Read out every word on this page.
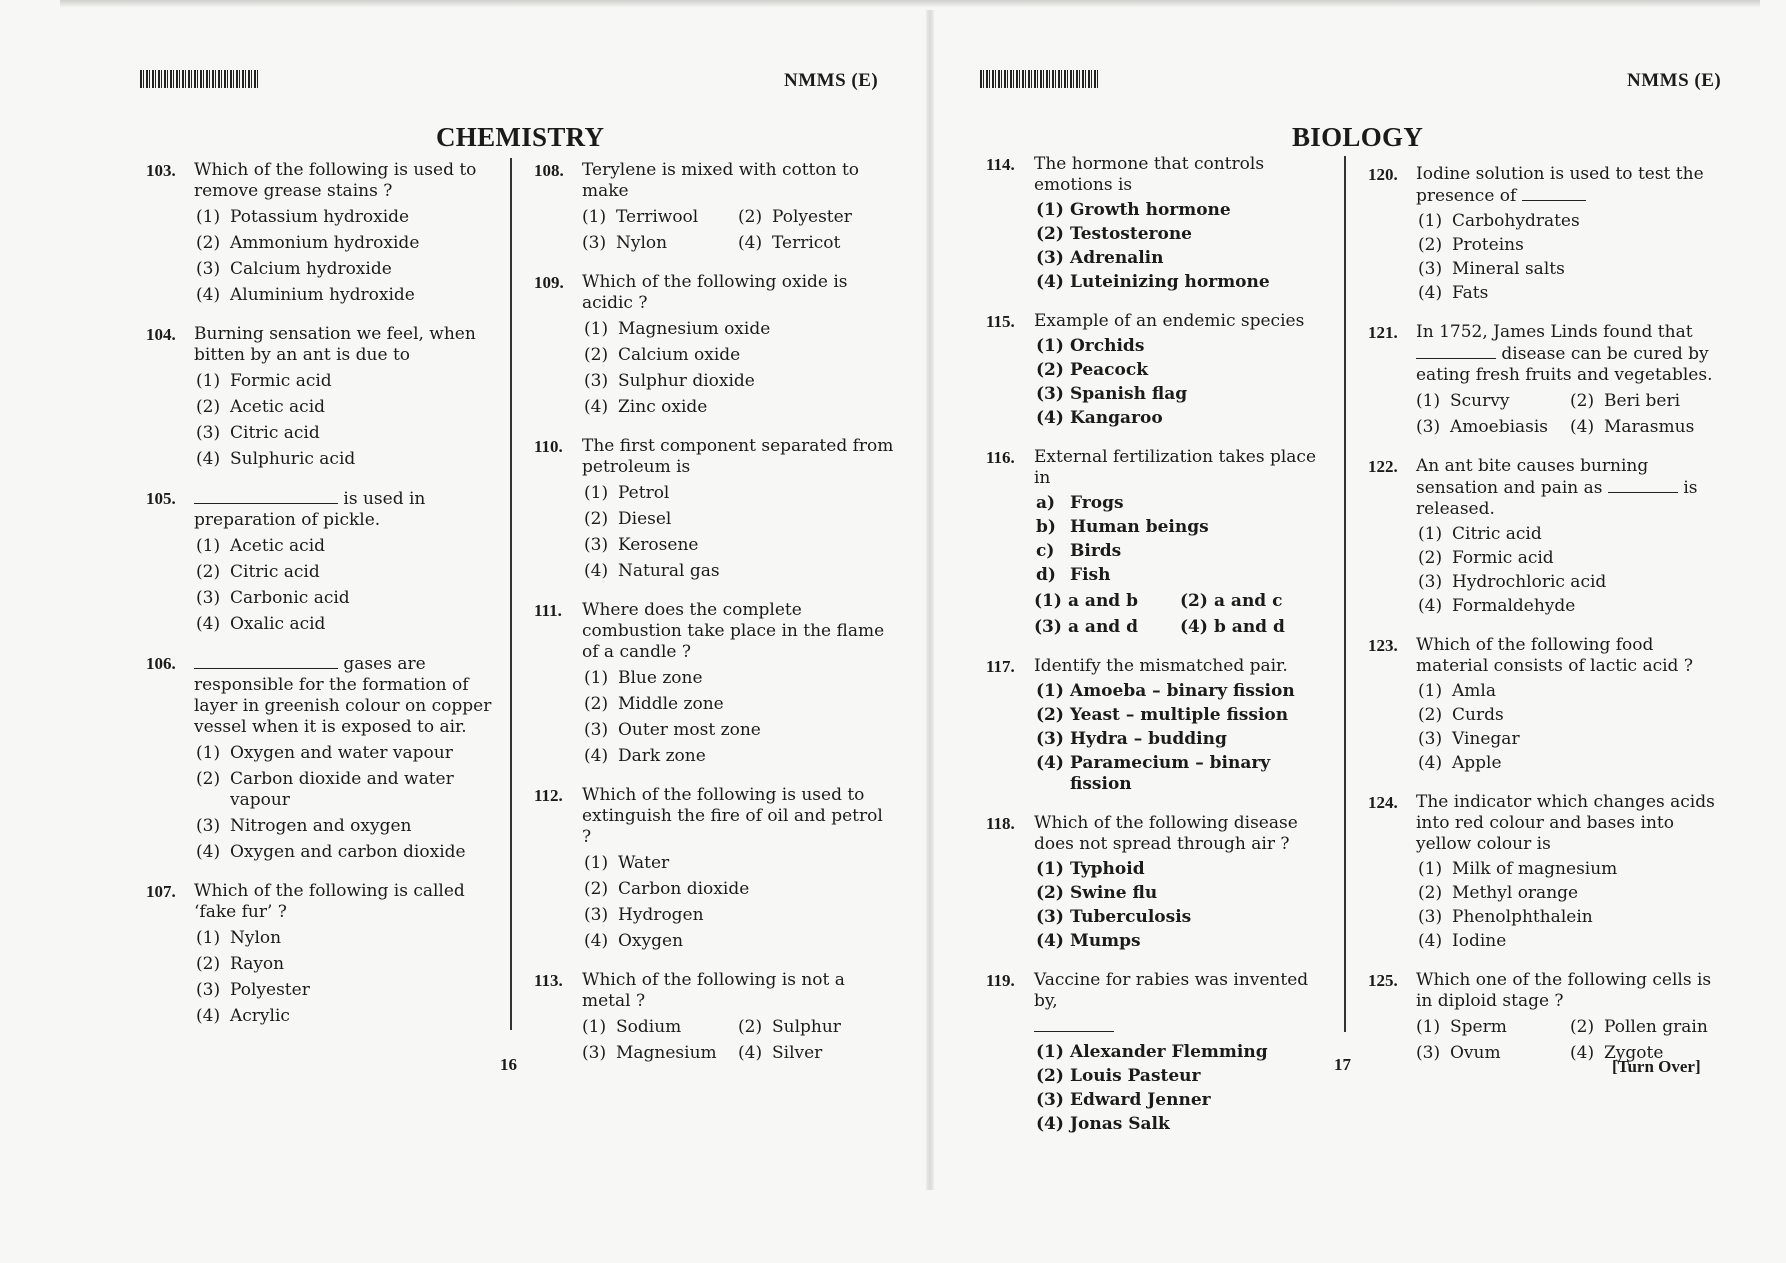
NMMS (E)
CHEMISTRY
103. Which of the following is used to remove grease stains ?
(1) Potassium hydroxide
(2) Ammonium hydroxide
(3) Calcium hydroxide
(4) Aluminium hydroxide
104. Burning sensation we feel, when bitten by an ant is due to
(1) Formic acid
(2) Acetic acid
(3) Citric acid
(4) Sulphuric acid
105.	is used in preparation of pickle.
(1) Acetic acid
(2) Citric acid
(3) Carbonic acid
(4) Oxalic acid
106.	gases are responsible for the formation of layer in greenish colour on copper vessel when it is exposed to air.
(1) Oxygen and water vapour
(2) Carbon dioxide and water vapour
(3) Nitrogen and oxygen
(4) Oxygen and carbon dioxide
107. Which of the following is called ‘fake fur’ ?
(1) Nylon
(2) Rayon
(3) Polyester
(4) Acrylic
108. Terylene is mixed with cotton to make
(1) Terriwool	(2) Polyester
(3) Nylon	(4) Terricot
109. Which of the following oxide is acidic ?
(1) Magnesium oxide
(2) Calcium oxide
(3) Sulphur dioxide
(4) Zinc oxide
110. The first component separated from petroleum is
(1) Petrol
(2) Diesel
(3) Kerosene
(4) Natural gas
111. Where does the complete combustion take place in the flame of a candle ?
(1) Blue zone
(2) Middle zone
(3) Outer most zone
(4) Dark zone
112. Which of the following is used to extinguish the fire of oil and petrol ?
(1) Water
(2) Carbon dioxide
(3) Hydrogen
(4) Oxygen
113. Which of the following is not a metal ?
(1) Sodium	(2) Sulphur
(3) Magnesium	(4) Silver
16
NMMS (E)
BIOLOGY
114. The hormone that controls emotions is
(1) Growth hormone
(2) Testosterone
(3) Adrenalin
(4) Luteinizing hormone
115. Example of an endemic species
(1) Orchids
(2) Peacock
(3) Spanish flag
(4) Kangaroo
116. External fertilization takes place in
a) Frogs
b) Human beings
c) Birds
d) Fish
(1) a and b	(2) a and c
(3) a and d	(4) b and d
117. Identify the mismatched pair.
(1) Amoeba – binary fission
(2) Yeast – multiple fission
(3) Hydra – budding
(4) Paramecium – binary fission
118. Which of the following disease does not spread through air ?
(1) Typhoid
(2) Swine flu
(3) Tuberculosis
(4) Mumps
119. Vaccine for rabies was invented by,
(1) Alexander Flemming
(2) Louis Pasteur
(3) Edward Jenner
(4) Jonas Salk
120. Iodine solution is used to test the presence of
(1) Carbohydrates
(2) Proteins
(3) Mineral salts
(4) Fats
121. In 1752, James Linds found that  disease can be cured by eating fresh fruits and vegetables.
(1) Scurvy	(2) Beri beri
(3) Amoebiasis	(4) Marasmus
122. An ant bite causes burning sensation and pain as	is released.
(1) Citric acid
(2) Formic acid
(3) Hydrochloric acid
(4) Formaldehyde
123. Which of the following food material consists of lactic acid ?
(1) Amla
(2) Curds
(3) Vinegar
(4) Apple
124. The indicator which changes acids into red colour and bases into yellow colour is
(1) Milk of magnesium
(2) Methyl orange
(3) Phenolphthalein
(4) Iodine
125. Which one of the following cells is in diploid stage ?
(1) Sperm	(2) Pollen grain
(3) Ovum	(4) Zygote
17	[Turn Over]
